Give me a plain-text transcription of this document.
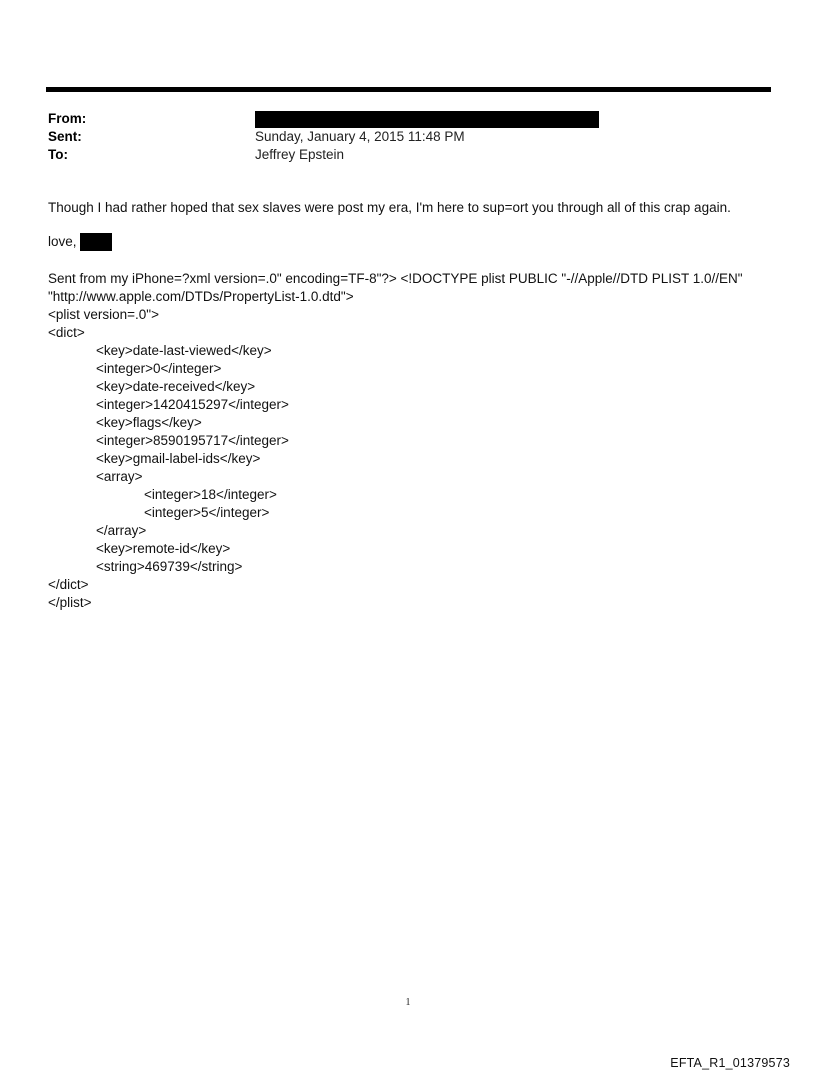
From:
Sent:	Sunday, January 4, 2015 11:48 PM
To:	Jeffrey Epstein
Though I had rather hoped that sex slaves were post my era, I'm here to sup=ort you through all of this crap again.
love,
Sent from my iPhone=?xml version=.0" encoding=TF-8"?> <!DOCTYPE plist PUBLIC "-//Apple//DTD PLIST 1.0//EN"
"http://www.apple.com/DTDs/PropertyList-1.0.dtd">
<plist version=.0">
<dict>
<key>date-last-viewed</key>
<integer>0</integer>
<key>date-received</key>
<integer>1420415297</integer>
<key>flags</key>
<integer>8590195717</integer>
<key>gmail-label-ids</key>
<array>
<integer>18</integer>
<integer>5</integer>
</array>
<key>remote-id</key>
<string>469739</string>
</dict>
</plist>
1
EFTA_R1_01379573
